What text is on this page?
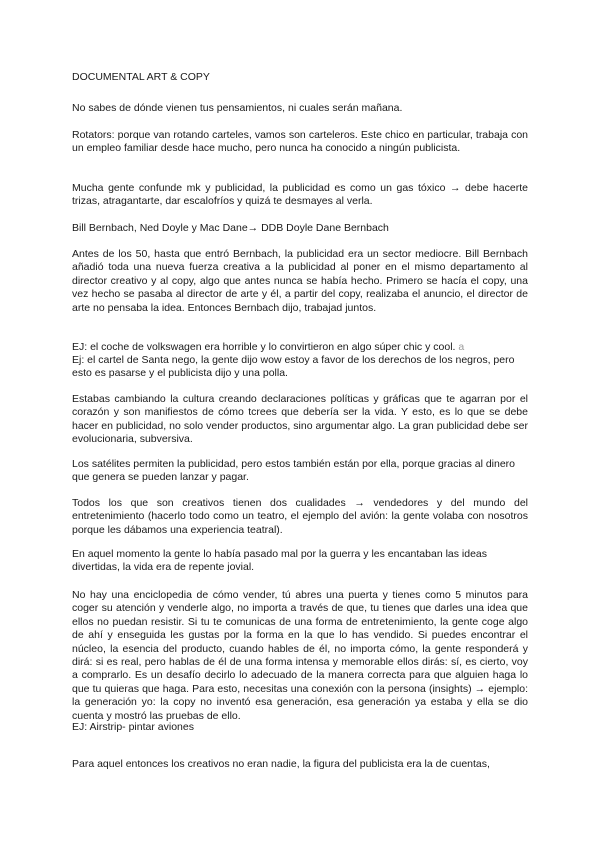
DOCUMENTAL ART & COPY

No sabes de dónde vienen tus pensamientos, ni cuales serán mañana.

Rotators: porque van rotando carteles, vamos son carteleros. Este chico en particular, trabaja con un empleo familiar desde hace mucho, pero nunca ha conocido a ningún publicista.

Mucha gente confunde mk y publicidad, la publicidad es como un gas tóxico → debe hacerte trizas, atragantarte, dar escalofríos y quizá te desmayes al verla.

Bill Bernbach, Ned Doyle y Mac Dane→ DDB Doyle Dane Bernbach

Antes de los 50, hasta que entró Bernbach, la publicidad era un sector mediocre. Bill Bernbach añadió toda una nueva fuerza creativa a la publicidad al poner en el mismo departamento al director creativo y al copy, algo que antes nunca se había hecho. Primero se hacía el copy, una vez hecho se pasaba al director de arte y él, a partir del copy, realizaba el anuncio, el director de arte no pensaba la idea. Entonces Bernbach dijo, trabajad juntos.

EJ: el coche de volkswagen era horrible y lo convirtieron en algo súper chic y cool. a

Ej: el cartel de Santa nego, la gente dijo wow estoy a favor de los derechos de los negros, pero esto es pasarse y el publicista dijo y una polla.

Estabas cambiando la cultura creando declaraciones políticas y gráficas que te agarran por el corazón y son manifiestos de cómo tcrees que debería ser la vida. Y esto, es lo que se debe hacer en publicidad, no solo vender productos, sino argumentar algo. La gran publicidad debe ser evolucionaria, subversiva.

Los satélites permiten la publicidad, pero estos también están por ella, porque gracias al dinero que genera se pueden lanzar y pagar.

Todos los que son creativos tienen dos cualidades → vendedores y del mundo del entretenimiento (hacerlo todo como un teatro, el ejemplo del avión: la gente volaba con nosotros porque les dábamos una experiencia teatral).

En aquel momento la gente lo había pasado mal por la guerra y les encantaban las ideas divertidas, la vida era de repente jovial.

No hay una enciclopedia de cómo vender, tú abres una puerta y tienes como 5 minutos para coger su atención y venderle algo, no importa a través de que, tu tienes que darles una idea que ellos no puedan resistir. Si tu te comunicas de una forma de entretenimiento, la gente coge algo de ahí y enseguida les gustas por la forma en la que lo has vendido. Si puedes encontrar el núcleo, la esencia del producto, cuando hables de él, no importa cómo, la gente responderá y dirá: si es real, pero hablas de él de una forma intensa y memorable ellos dirás: sí, es cierto, voy a comprarlo. Es un desafío decirlo lo adecuado de la manera correcta para que alguien haga lo que tu quieras que haga. Para esto, necesitas una conexión con la persona (insights) → ejemplo: la generación yo: la copy no inventó esa generación, esa generación ya estaba y ella se dio cuenta y mostró las pruebas de ello.

EJ: Airstrip- pintar aviones

Para aquel entonces los creativos no eran nadie, la figura del publicista era la de cuentas,
